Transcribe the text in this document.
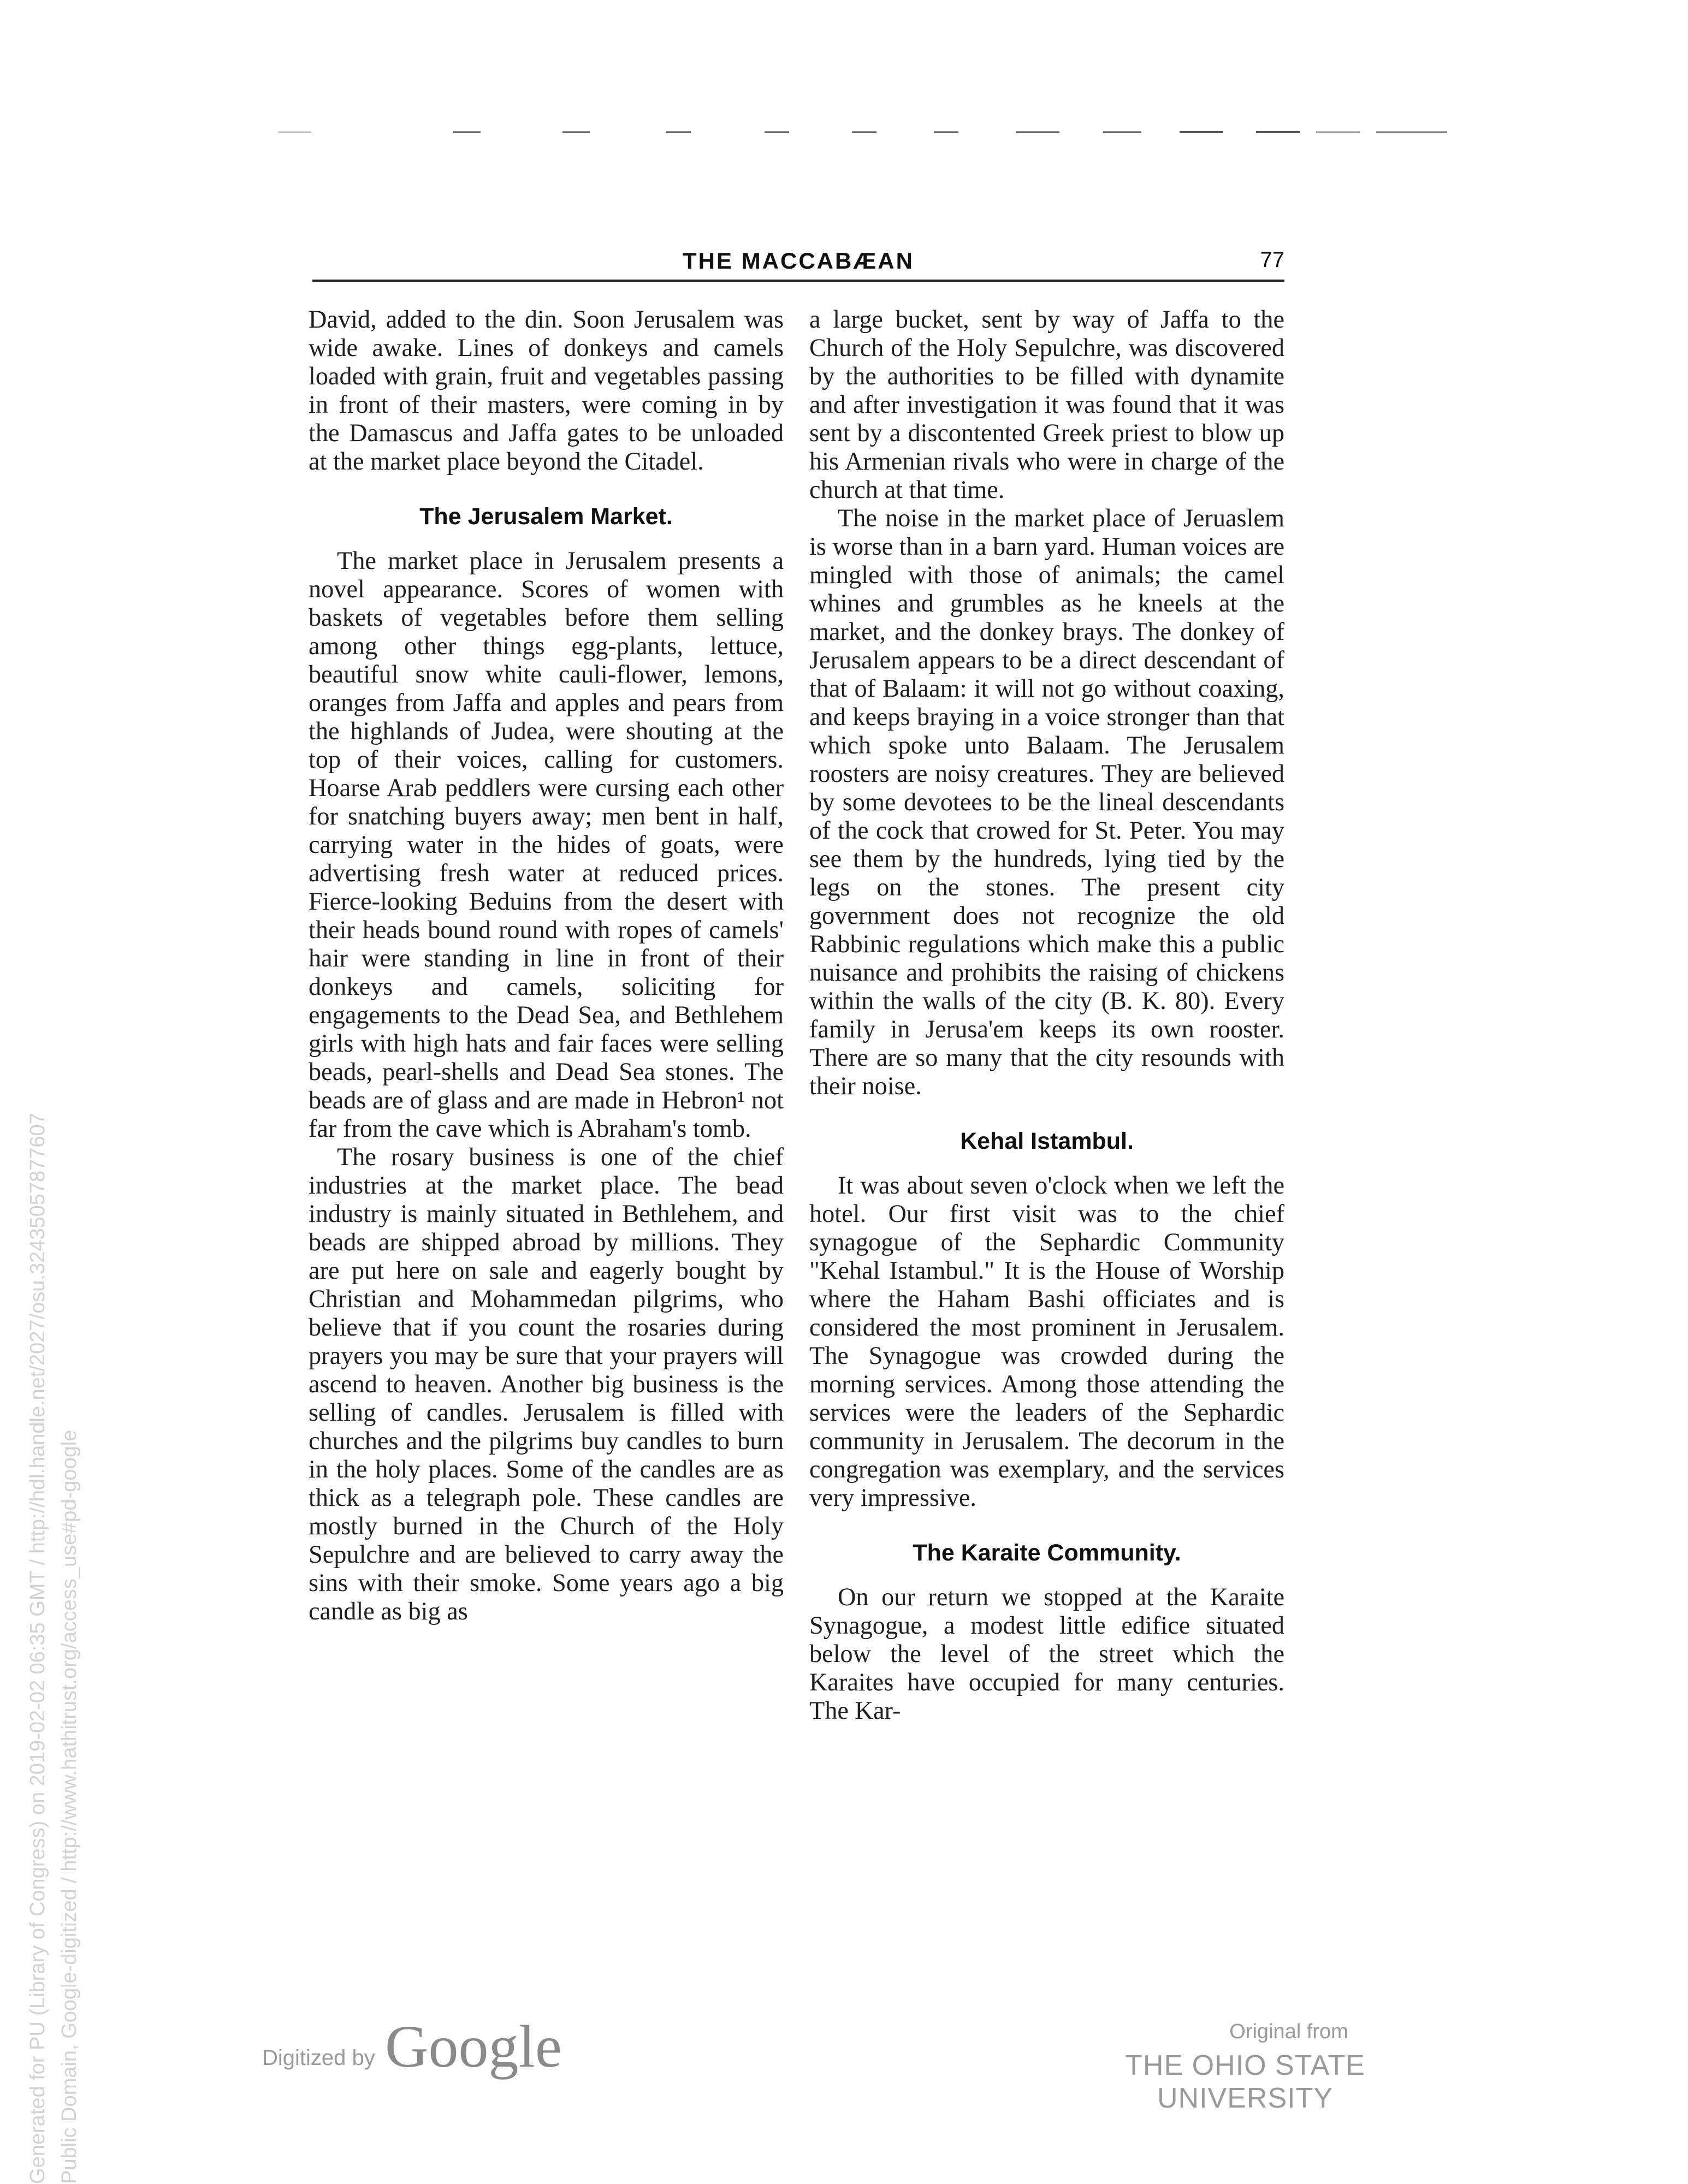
THE MACCABÆAN	77

David, added to the din. Soon Jerusalem was wide awake. Lines of donkeys and camels loaded with grain, fruit and vegetables passing in front of their masters, were coming in by the Damascus and Jaffa gates to be unloaded at the market place beyond the Citadel.

The Jerusalem Market.

The market place in Jerusalem presents a novel appearance. Scores of women with baskets of vegetables before them selling among other things egg-plants, lettuce, beautiful snow white cauli-flower, lemons, oranges from Jaffa and apples and pears from the highlands of Judea, were shouting at the top of their voices, calling for customers. Hoarse Arab peddlers were cursing each other for snatching buyers away; men bent in half, carrying water in the hides of goats, were advertising fresh water at reduced prices. Fierce-looking Beduins from the desert with their heads bound round with ropes of camels' hair were standing in line in front of their donkeys and camels, soliciting for engagements to the Dead Sea, and Bethlehem girls with high hats and fair faces were selling beads, pearl-shells and Dead Sea stones. The beads are of glass and are made in Hebron¹ not far from the cave which is Abraham's tomb.

The rosary business is one of the chief industries at the market place. The bead industry is mainly situated in Bethlehem, and beads are shipped abroad by millions. They are put here on sale and eagerly bought by Christian and Mohammedan pilgrims, who believe that if you count the rosaries during prayers you may be sure that your prayers will ascend to heaven. Another big business is the selling of candles. Jerusalem is filled with churches and the pilgrims buy candles to burn in the holy places. Some of the candles are as thick as a telegraph pole. These candles are mostly burned in the Church of the Holy Sepulchre and are believed to carry away the sins with their smoke. Some years ago a big candle as big as

a large bucket, sent by way of Jaffa to the Church of the Holy Sepulchre, was discovered by the authorities to be filled with dynamite and after investigation it was found that it was sent by a discontented Greek priest to blow up his Armenian rivals who were in charge of the church at that time.

The noise in the market place of Jeruaslem is worse than in a barn yard. Human voices are mingled with those of animals; the camel whines and grumbles as he kneels at the market, and the donkey brays. The donkey of Jerusalem appears to be a direct descendant of that of Balaam: it will not go without coaxing, and keeps braying in a voice stronger than that which spoke unto Balaam. The Jerusalem roosters are noisy creatures. They are believed by some devotees to be the lineal descendants of the cock that crowed for St. Peter. You may see them by the hundreds, lying tied by the legs on the stones. The present city government does not recognize the old Rabbinic regulations which make this a public nuisance and prohibits the raising of chickens within the walls of the city (B. K. 80). Every family in Jerusa'em keeps its own rooster. There are so many that the city resounds with their noise.

Kehal Istambul.

It was about seven o'clock when we left the hotel. Our first visit was to the chief synagogue of the Sephardic Community "Kehal Istambul." It is the House of Worship where the Haham Bashi officiates and is considered the most prominent in Jerusalem. The Synagogue was crowded during the morning services. Among those attending the services were the leaders of the Sephardic community in Jerusalem. The decorum in the congregation was exemplary, and the services very impressive.

The Karaite Community.

On our return we stopped at the Karaite Synagogue, a modest little edifice situated below the level of the street which the Karaites have occupied for many centuries. The Kar-

Generated for PU (Library of Congress) on 2019-02-02 06:35 GMT / http://hdl.handle.net/2027/osu.32435057877607 Public Domain, Google-digitized / http://www.hathitrust.org/access_use#pd-google	Digitized by Google	Original from
THE OHIO STATE UNIVERSITY
